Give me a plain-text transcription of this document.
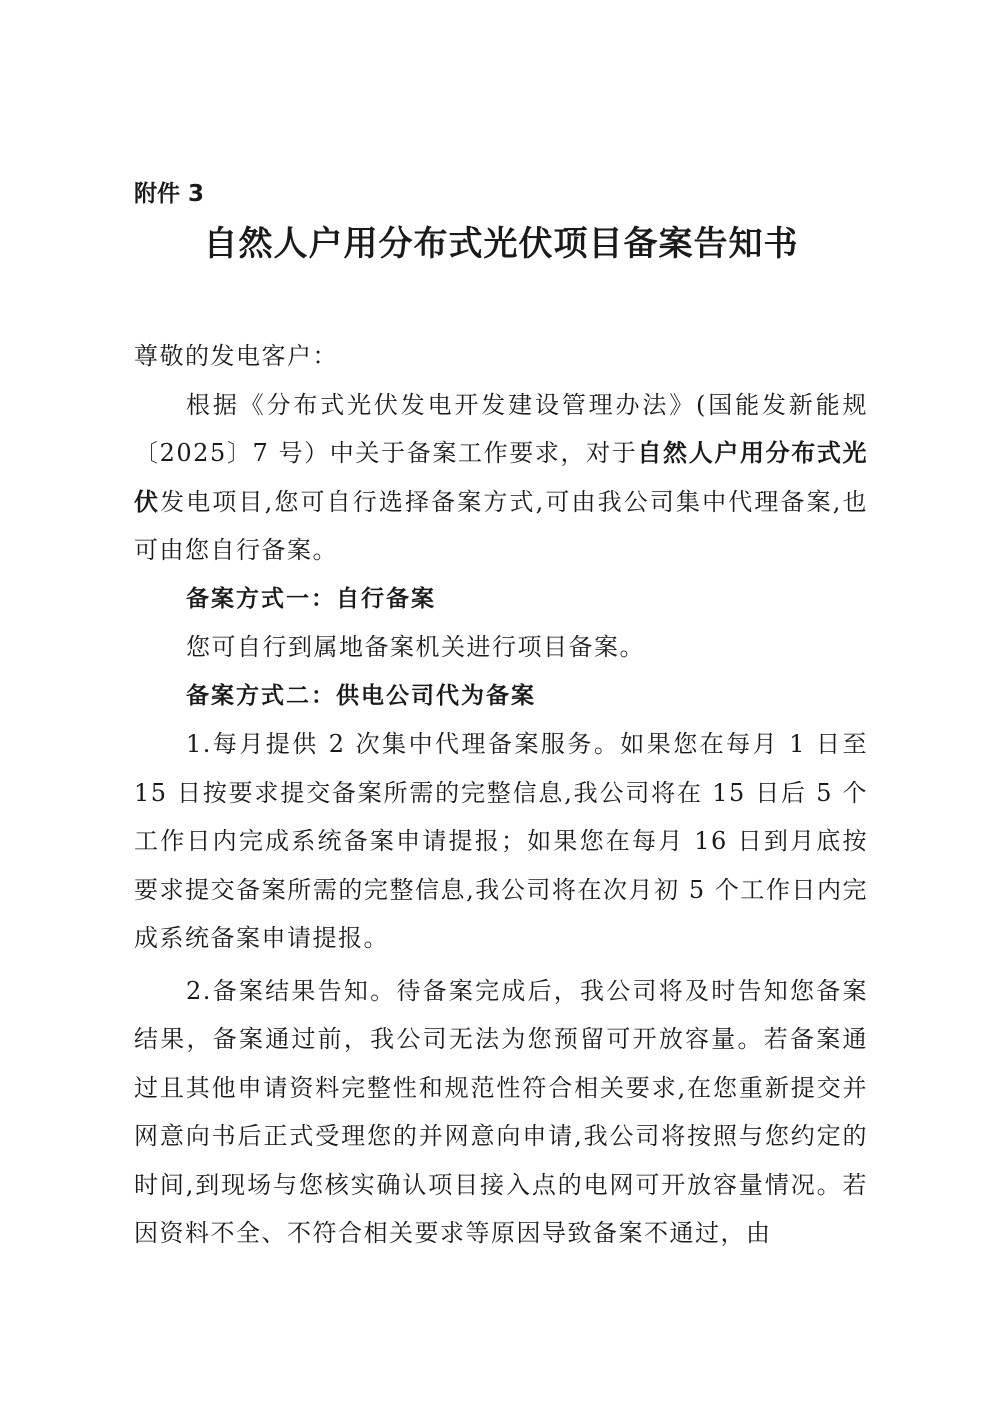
附件 3
自然人户用分布式光伏项目备案告知书

尊敬的发电客户：

根据《分布式光伏发电开发建设管理办法》(国能发新能规〔2025〕7 号）中关于备案工作要求，对于自然人户用分布式光伏发电项目,您可自行选择备案方式,可由我公司集中代理备案,也可由您自行备案。

备案方式一：自行备案

您可自行到属地备案机关进行项目备案。

备案方式二：供电公司代为备案

1.每月提供 2 次集中代理备案服务。如果您在每月 1 日至 15 日按要求提交备案所需的完整信息,我公司将在 15 日后 5 个工作日内完成系统备案申请提报；如果您在每月 16 日到月底按要求提交备案所需的完整信息,我公司将在次月初 5 个工作日内完成系统备案申请提报。

2.备案结果告知。待备案完成后，我公司将及时告知您备案结果，备案通过前，我公司无法为您预留可开放容量。若备案通过且其他申请资料完整性和规范性符合相关要求,在您重新提交并网意向书后正式受理您的并网意向申请,我公司将按照与您约定的时间,到现场与您核实确认项目接入点的电网可开放容量情况。若因资料不全、不符合相关要求等原因导致备案不通过，由
